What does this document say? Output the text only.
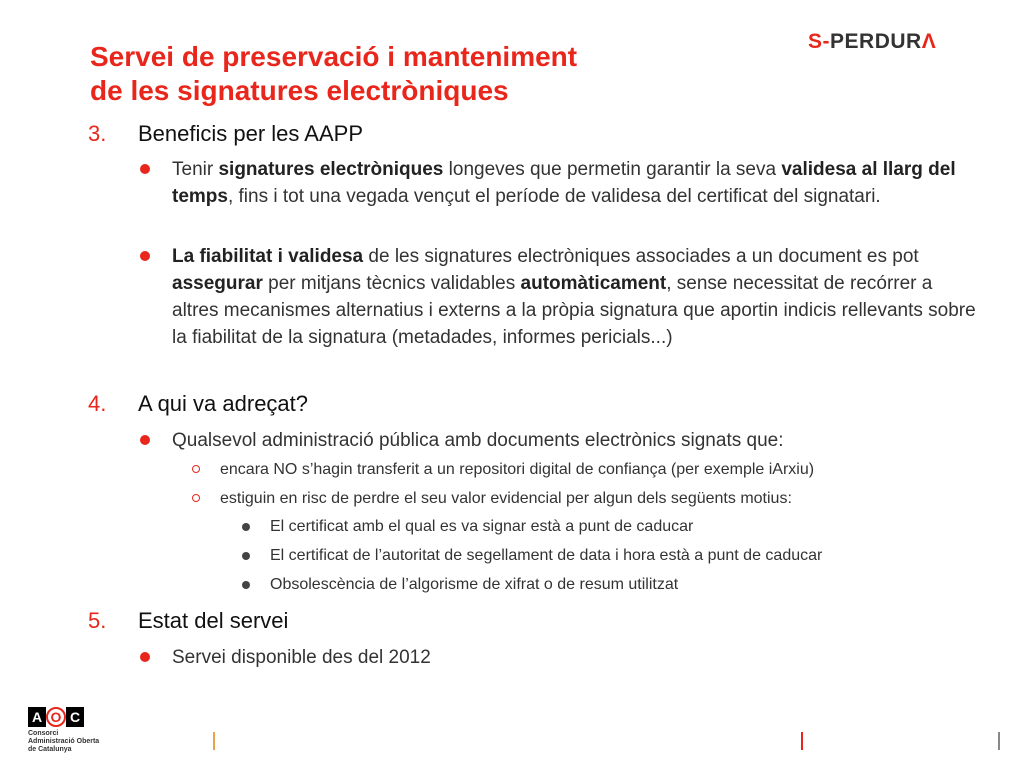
Servei de preservació i manteniment
de les signatures electròniques
S-PERDURΛ
3. Beneficis per les AAPP
Tenir signatures electròniques longeves que permetin garantir la seva validesa al llarg del temps, fins i tot una vegada vençut el període de validesa del certificat del signatari.
La fiabilitat i validesa de les signatures electròniques associades a un document es pot assegurar per mitjans tècnics validables automàticament, sense necessitat de recórrer a altres mecanismes alternatius i externs a la pròpia signatura que aportin indicis rellevants sobre la fiabilitat de la signatura (metadades, informes pericials...)
4. A qui va adreçat?
Qualsevol administració pública amb documents electrònics signats que:
encara NO s’hagin transferit a un repositori digital de confiança (per exemple iArxiu)
estiguin en risc de perdre el seu valor evidencial per algun dels següents motius:
El certificat amb el qual es va signar està a punt de caducar
El certificat de l’autoritat de segellament de data i hora està a punt de caducar
Obsolescència de l’algorisme de xifrat o de resum utilitzat
5. Estat del servei
Servei disponible des del 2012
A O C
Consorci
Administració Oberta
de Catalunya
